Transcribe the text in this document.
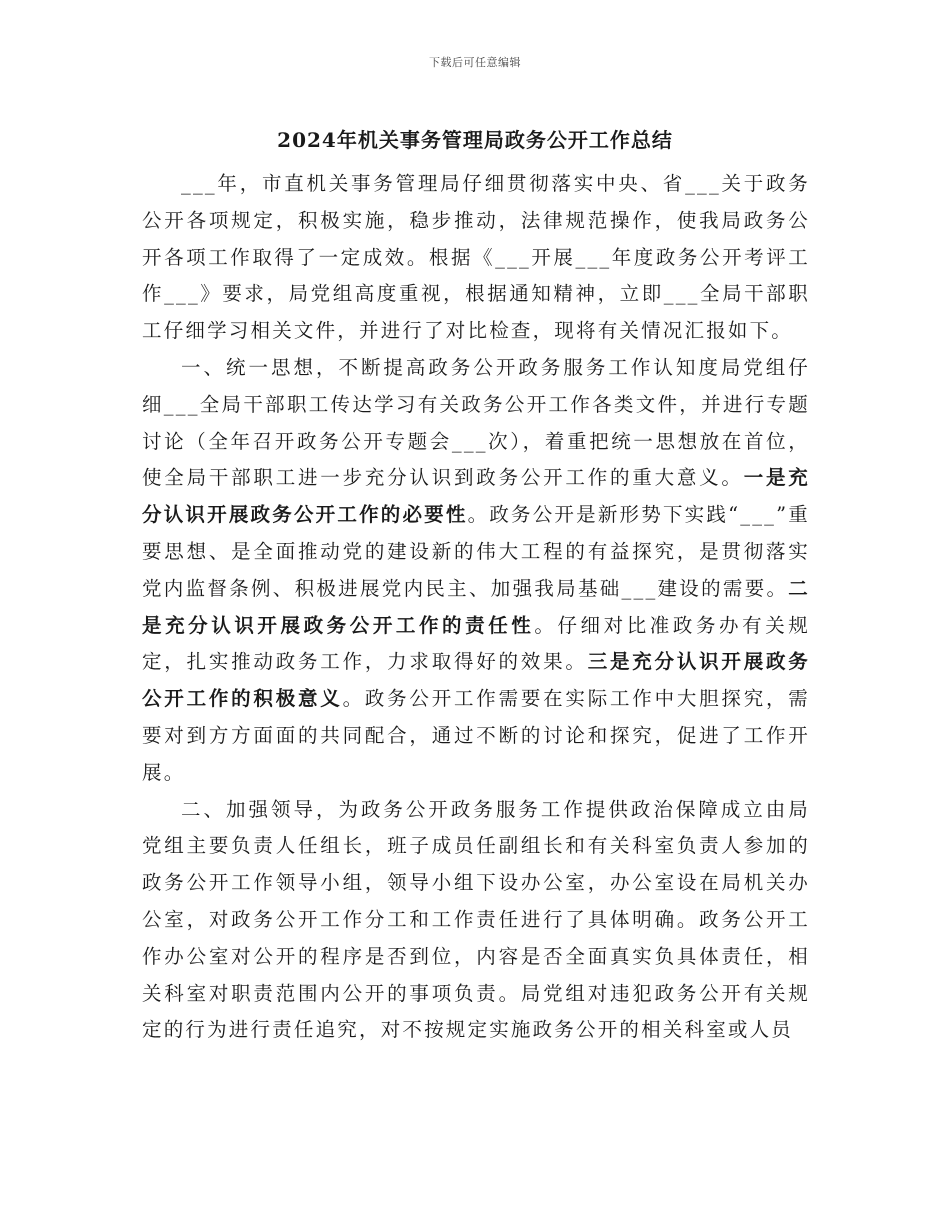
下载后可任意编辑
2024年机关事务管理局政务公开工作总结

___年，市直机关事务管理局仔细贯彻落实中央、省___关于政务公开各项规定，积极实施，稳步推动，法律规范操作，使我局政务公开各项工作取得了一定成效。根据《___开展___年度政务公开考评工作___》要求，局党组高度重视，根据通知精神，立即___全局干部职工仔细学习相关文件，并进行了对比检查，现将有关情况汇报如下。

一、统一思想，不断提高政务公开政务服务工作认知度局党组仔细___全局干部职工传达学习有关政务公开工作各类文件，并进行专题讨论（全年召开政务公开专题会___次），着重把统一思想放在首位，使全局干部职工进一步充分认识到政务公开工作的重大意义。一是充分认识开展政务公开工作的必要性。政务公开是新形势下实践“___”重要思想、是全面推动党的建设新的伟大工程的有益探究，是贯彻落实党内监督条例、积极进展党内民主、加强我局基础___建设的需要。二是充分认识开展政务公开工作的责任性。仔细对比准政务办有关规定，扎实推动政务工作，力求取得好的效果。三是充分认识开展政务公开工作的积极意义。政务公开工作需要在实际工作中大胆探究，需要对到方方面面的共同配合，通过不断的讨论和探究，促进了工作开展。

二、加强领导，为政务公开政务服务工作提供政治保障成立由局党组主要负责人任组长，班子成员任副组长和有关科室负责人参加的政务公开工作领导小组，领导小组下设办公室，办公室设在局机关办公室，对政务公开工作分工和工作责任进行了具体明确。政务公开工作办公室对公开的程序是否到位，内容是否全面真实负具体责任，相关科室对职责范围内公开的事项负责。局党组对违犯政务公开有关规定的行为进行责任追究，对不按规定实施政务公开的相关科室或人员
